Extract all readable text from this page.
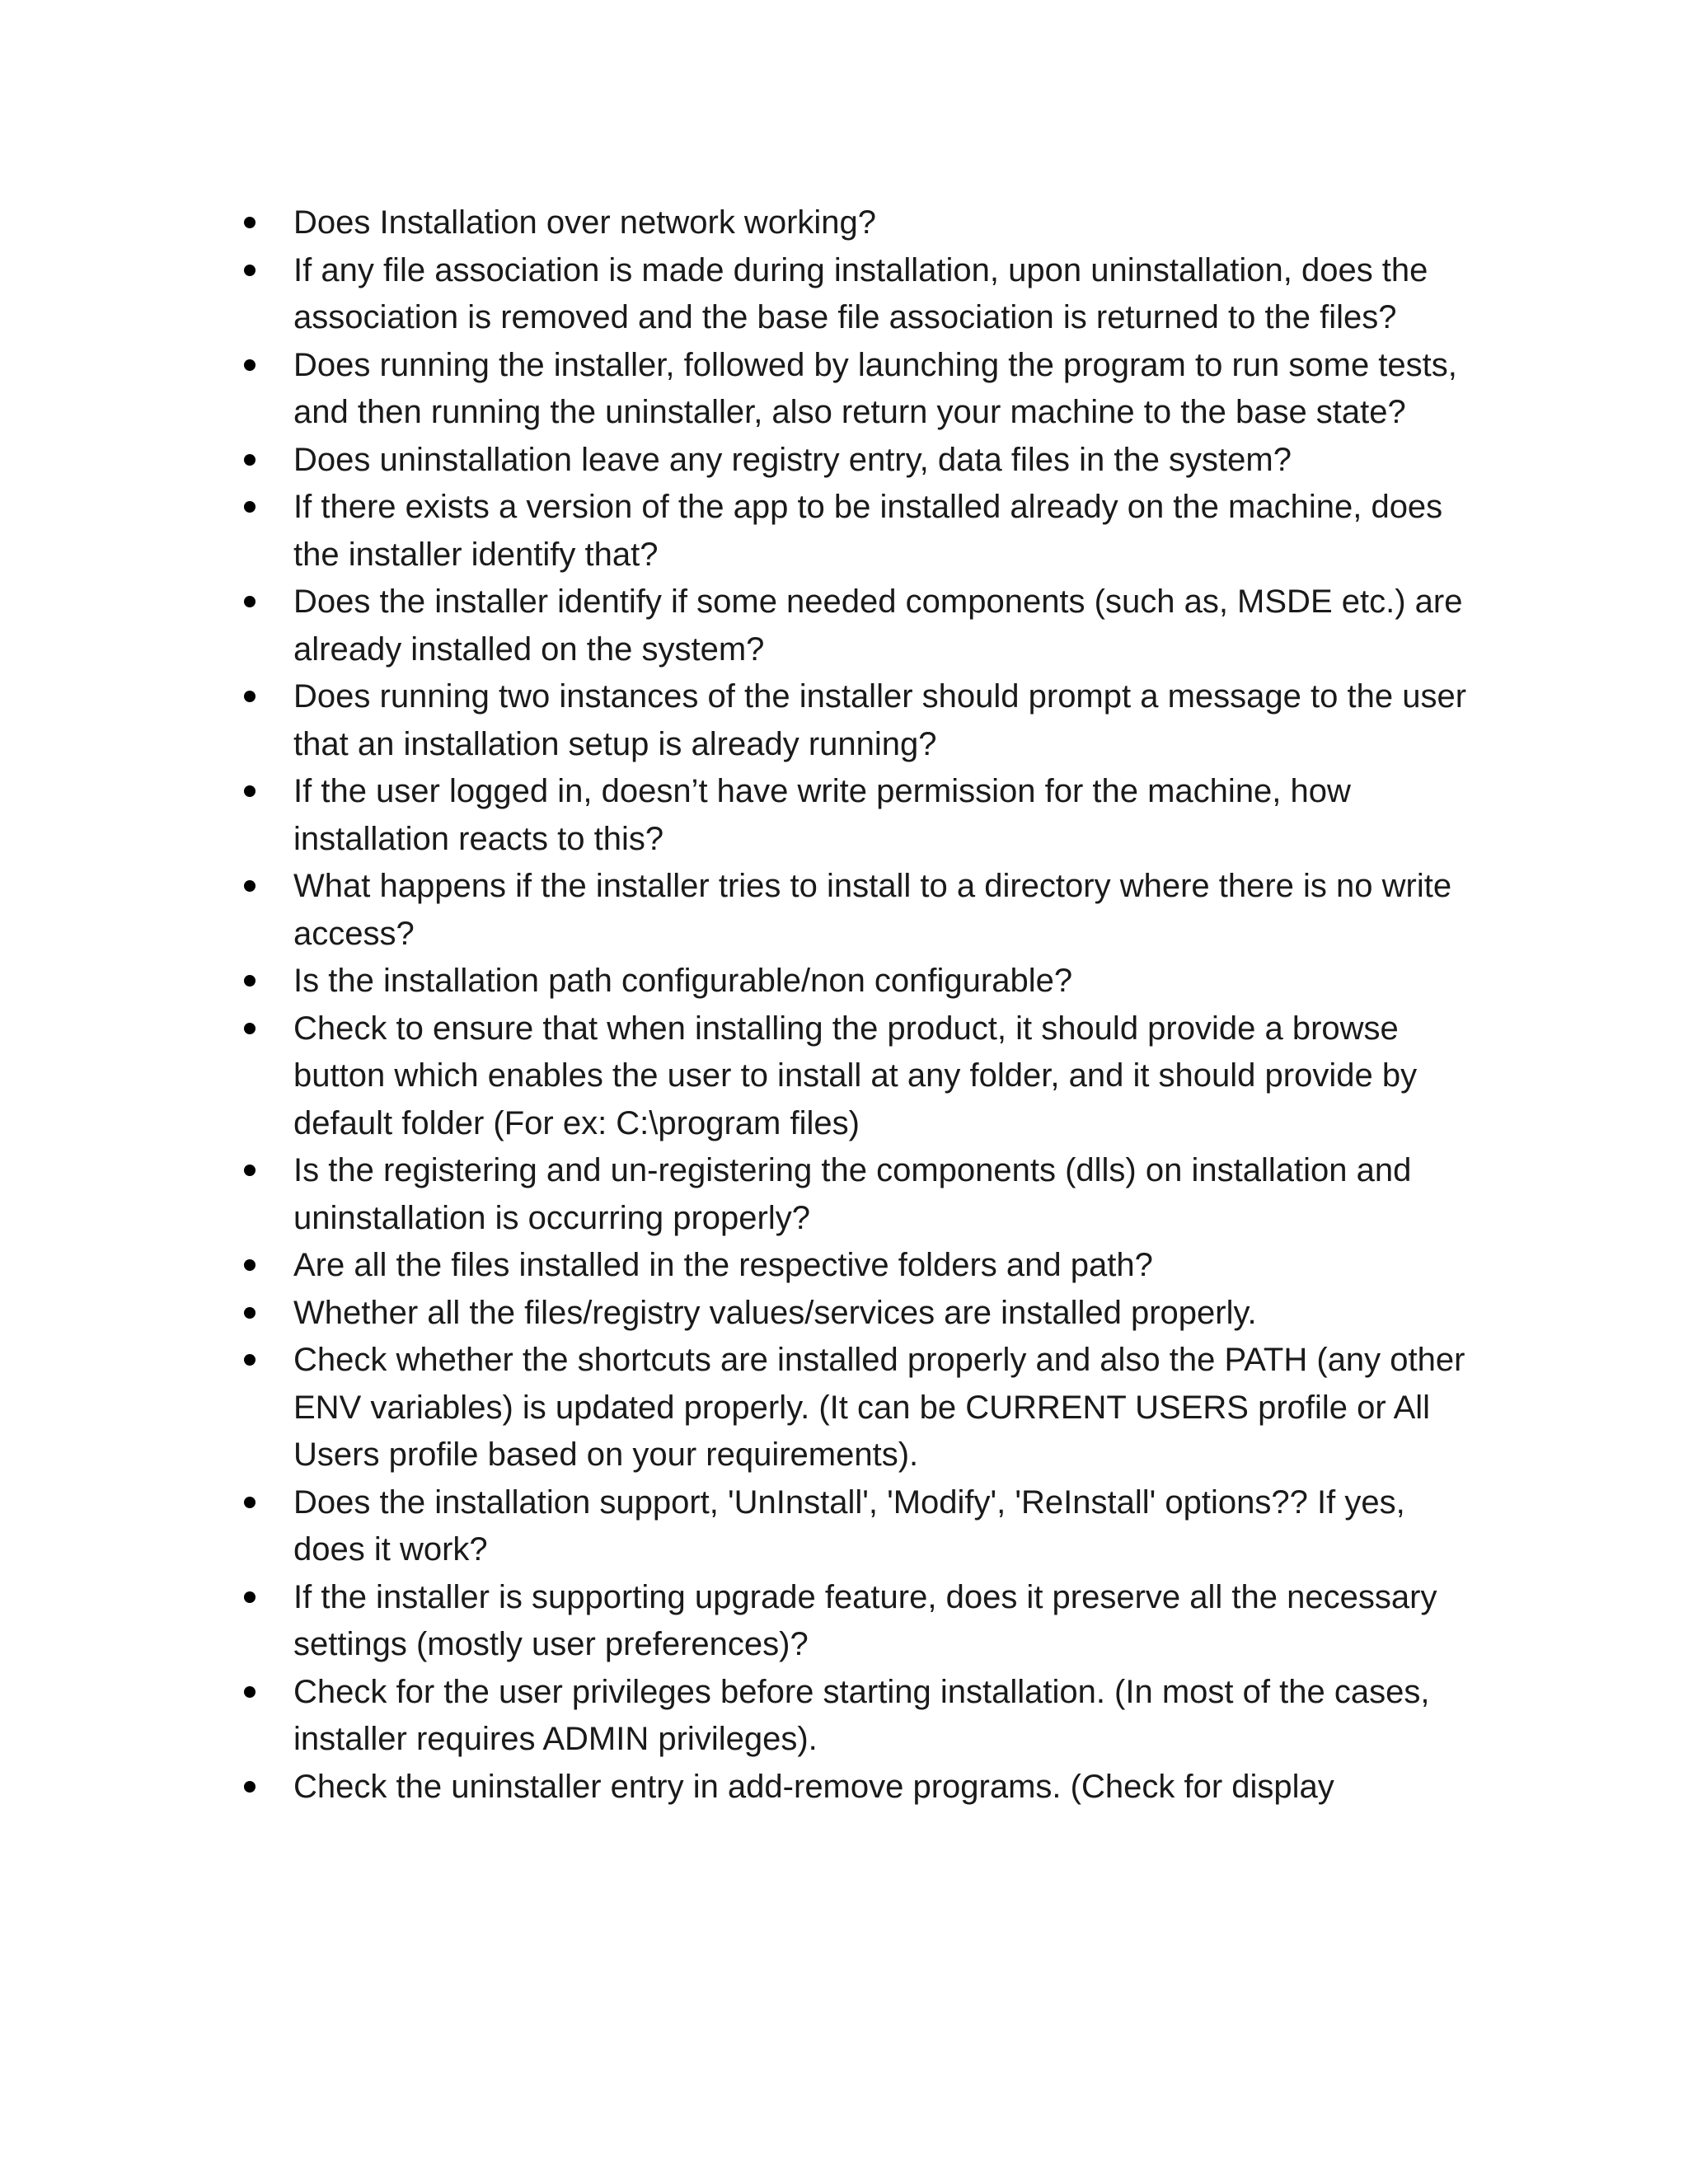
Does Installation over network working?
If any file association is made during installation, upon uninstallation, does the association is removed and the base file association is returned to the files?
Does running the installer, followed by launching the program to run some tests, and then running the uninstaller, also return your machine to the base state?
Does uninstallation leave any registry entry, data files in the system?
If there exists a version of the app to be installed already on the machine, does the installer identify that?
Does the installer identify if some needed components (such as, MSDE etc.) are already installed on the system?
Does running two instances of the installer should prompt a message to the user that an installation setup is already running?
If the user logged in, doesn’t have write permission for the machine, how installation reacts to this?
What happens if the installer tries to install to a directory where there is no write access?
Is the installation path configurable/non configurable?
Check to ensure that when installing the product, it should provide a browse button which enables the user to install at any folder, and it should provide by default folder (For ex: C:\program files)
Is the registering and un-registering the components (dlls) on installation and uninstallation is occurring properly?
Are all the files installed in the respective folders and path?
Whether all the files/registry values/services are installed properly.
Check whether the shortcuts are installed properly and also the PATH (any other ENV variables) is updated properly. (It can be CURRENT USERS profile or All Users profile based on your requirements).
Does the installation support, 'UnInstall', 'Modify', 'ReInstall' options?? If yes, does it work?
If the installer is supporting upgrade feature, does it preserve all the necessary settings (mostly user preferences)?
Check for the user privileges before starting installation. (In most of the cases, installer requires ADMIN privileges).
Check the uninstaller entry in add-remove programs. (Check for display
